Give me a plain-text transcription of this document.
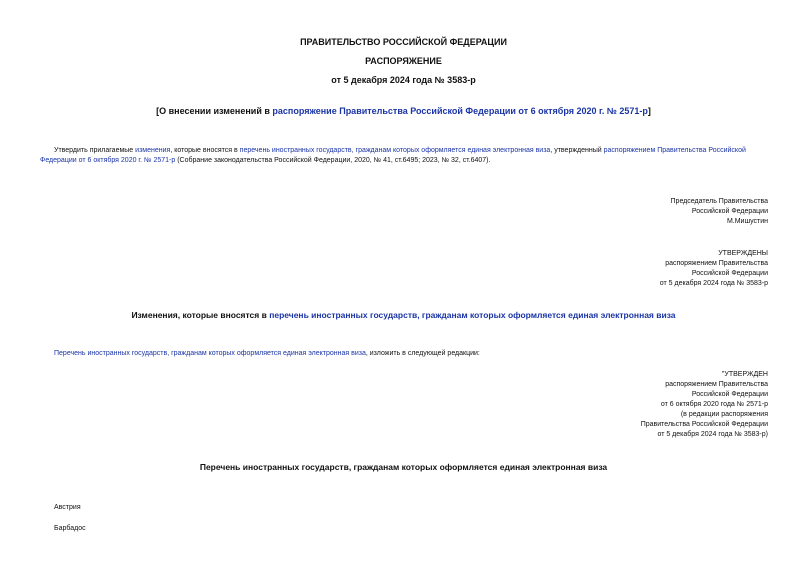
ПРАВИТЕЛЬСТВО РОССИЙСКОЙ ФЕДЕРАЦИИ
РАСПОРЯЖЕНИЕ
от 5 декабря 2024 года № 3583-р
[О внесении изменений в распоряжение Правительства Российской Федерации от 6 октября 2020 г. № 2571-р]
Утвердить прилагаемые изменения, которые вносятся в перечень иностранных государств, гражданам которых оформляется единая электронная виза, утвержденный распоряжением Правительства Российской Федерации от 6 октября 2020 г. № 2571-р (Собрание законодательства Российской Федерации, 2020, № 41, ст.6495; 2023, № 32, ст.6407).
Председатель Правительства
Российской Федерации
М.Мишустин
УТВЕРЖДЕНЫ
распоряжением Правительства
Российской Федерации
от 5 декабря 2024 года № 3583-р
Изменения, которые вносятся в перечень иностранных государств, гражданам которых оформляется единая электронная виза
Перечень иностранных государств, гражданам которых оформляется единая электронная виза, изложить в следующей редакции:
"УТВЕРЖДЕН
распоряжением Правительства
Российской Федерации
от 6 октября 2020 года № 2571-р
(в редакции распоряжения
Правительства Российской Федерации
от 5 декабря 2024 года № 3583-р)
Перечень иностранных государств, гражданам которых оформляется единая электронная виза
Австрия
Барбадос
